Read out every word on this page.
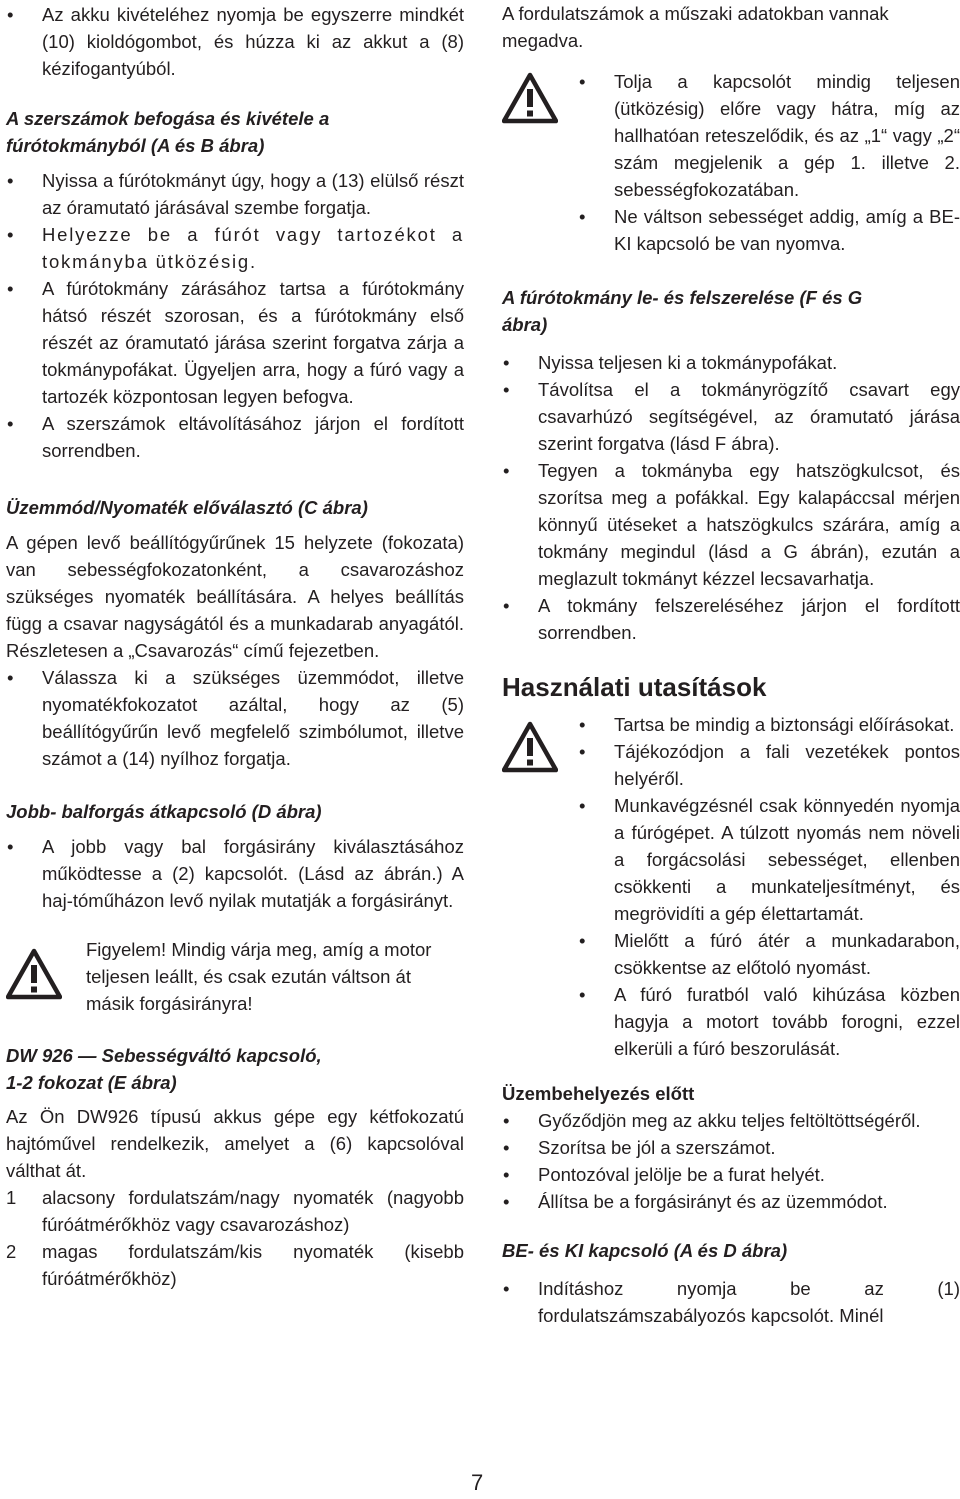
• Az akku kivételéhez nyomja be egyszerre mindkét (10) kioldógombot, és húzza ki az akkut a (8) kézifogantyúból.
A szerszámok befogása és kivétele a fúrótokmányból (A és B ábra)
• Nyissa a fúrótokmányt úgy, hogy a (13) elülső részt az óramutató járásával szembe forgatja.
• Helyezze be a fúrót vagy tartozékot a tokmányba ütközésig.
• A fúrótokmány zárásához tartsa a fúrótokmány hátsó részét szorosan, és a fúrótokmány első részét az óramutató járása szerint forgatva zárja a tokmánypofákat. Ügyeljen arra, hogy a fúró vagy a tartozék központosan legyen befogva.
• A szerszámok eltávolításához járjon el fordított sorrendben.
Üzemmód/Nyomaték előválasztó (C ábra)

A gépen levő beállítógyűrűnek 15 helyzete (fokozata) van sebességfokozatonként, a csavarozáshoz szükséges nyomaték beállítására. A helyes beállítás függ a csavar nagyságától és a munkadarab anyagától. Részletesen a „Csavarozás“ című fejezetben.

• Válassza ki a szükséges üzemmódot, illetve nyomatékfokozatot azáltal, hogy az (5) beállítógyűrűn levő megfelelő szimbólumot, illetve számot a (14) nyílhoz forgatja.
Jobb- balforgás átkapcsoló (D ábra)
• A jobb vagy bal forgásirány kiválasztásához működtesse a (2) kapcsolót. (Lásd az ábrán.) A haj-tóműházon levő nyilak mutatják a forgásirányt.
Figyelem! Mindig várja meg, amíg a motor teljesen leállt, és csak ezután váltson át másik forgásirányra!
DW 926 — Sebességváltó kapcsoló,
1-2 fokozat (E ábra)

Az Ön DW926 típusú akkus gépe egy kétfokozatú hajtóművel rendelkezik, amelyet a (6) kapcsolóval válthat át.

1 alacsony fordulatszám/nagy nyomaték (nagyobb fúróátmérőkhöz vagy csavarozáshoz)
2 magas fordulatszám/kis nyomaték (kisebb fúróátmérőkhöz)

A fordulatszámok a műszaki adatokban vannak megadva.

• Tolja a kapcsolót mindig teljesen (ütközésig) előre vagy hátra, míg az hallhatóan reteszelődik, és az „1“ vagy „2“ szám megjelenik a gép 1. illetve 2. sebességfokozatában.
• Ne váltson sebességet addig, amíg a BE-KI kapcsoló be van nyomva.
A fúrótokmány le- és felszerelése (F és G ábra)
• Nyissa teljesen ki a tokmánypofákat.
• Távolítsa el a tokmányrögzítő csavart egy csavarhúzó segítségével, az óramutató járása szerint forgatva (lásd F ábra).
• Tegyen a tokmányba egy hatszögkulcsot, és szorítsa meg a pofákkal. Egy kalapáccsal mérjen könnyű ütéseket a hatszögkulcs szárára, amíg a tokmány megindul (lásd a G ábrán), ezután a meglazult tokmányt kézzel lecsavarhatja.
• A tokmány felszereléséhez járjon el fordított sorrendben.
Használati utasítások
• Tartsa be mindig a biztonsági előírásokat.
• Tájékozódjon a fali vezetékek pontos helyéről.
• Munkavégzésnél csak könnyedén nyomja a fúrógépet. A túlzott nyomás nem növeli a forgácsolási sebességet, ellenben csökkenti a munkateljesítményt, és megrövidíti a gép élettartamát.
• Mielőtt a fúró átér a munkadarabon, csökkentse az előtoló nyomást.
• A fúró furatból való kihúzása közben hagyja a motort tovább forogni, ezzel elkerüli a fúró beszorulását.
Üzembehelyezés előtt
• Győződjön meg az akku teljes feltöltöttségéről.
• Szorítsa be jól a szerszámot.
• Pontozóval jelölje be a furat helyét.
• Állítsa be a forgásirányt és az üzemmódot.
BE- és KI kapcsoló (A és D ábra)
• Indításhoz nyomja be az (1) fordulatszámszabályozós kapcsolót. Minél
7
